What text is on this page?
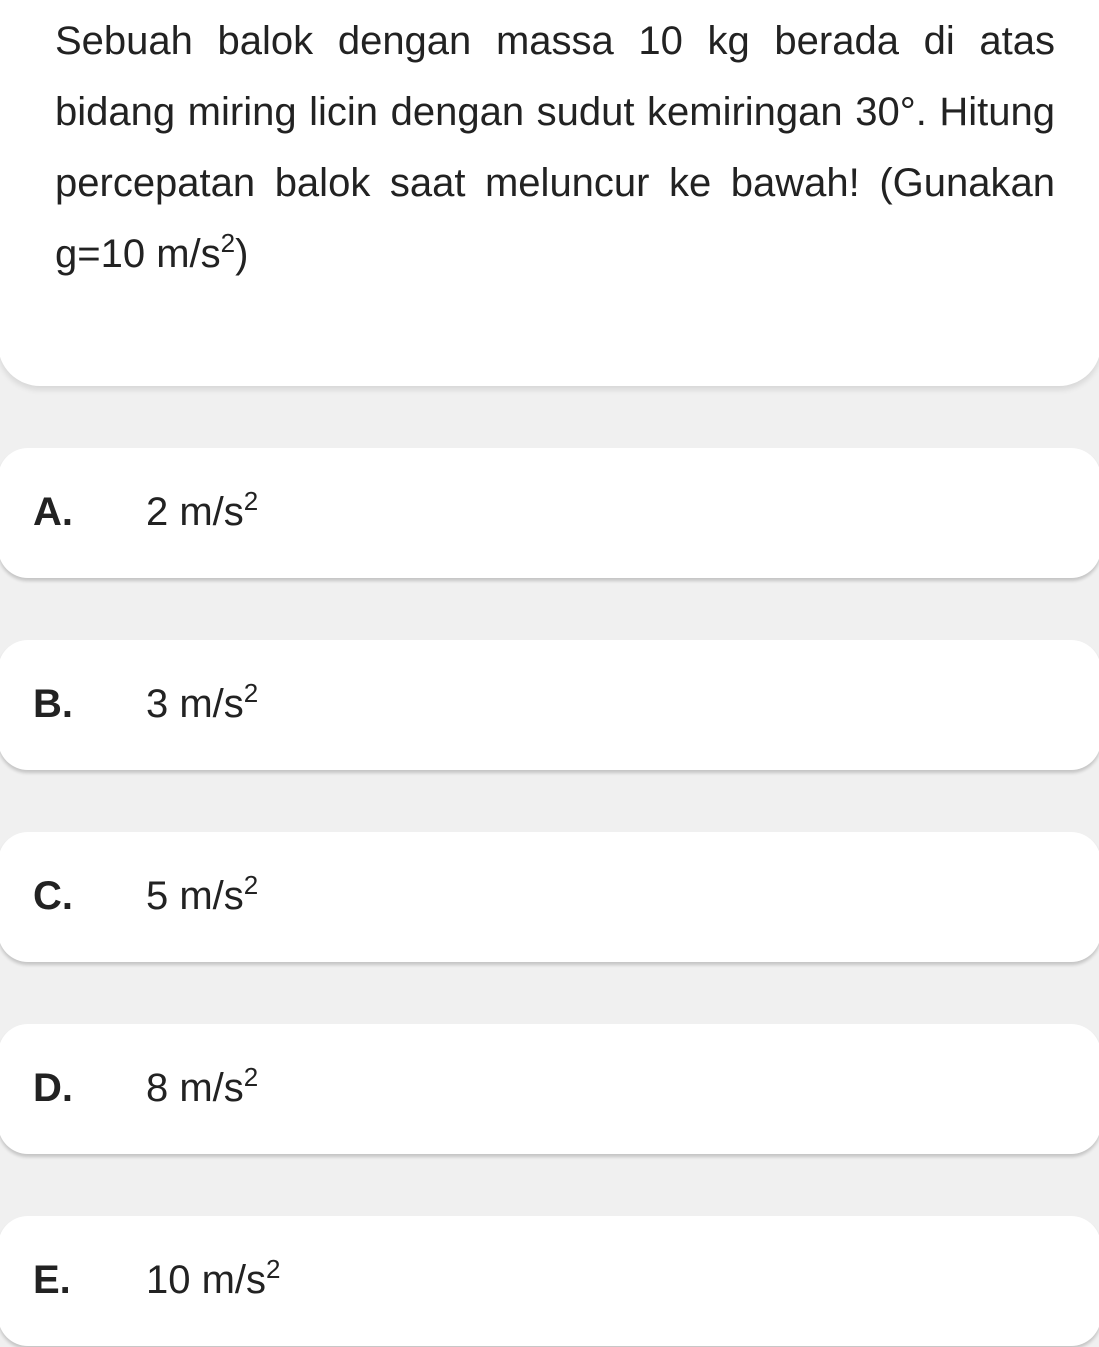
Sebuah balok dengan massa 10 kg berada di atas bidang miring licin dengan sudut kemiringan 30°. Hitung percepatan balok saat meluncur ke bawah! (Gunakan g=10 $m/s^2$)

A. 2 $m/s^2$
B. 3 $m/s^2$
C. 5 $m/s^2$
D. 8 $m/s^2$
E. 10 $m/s^2$
